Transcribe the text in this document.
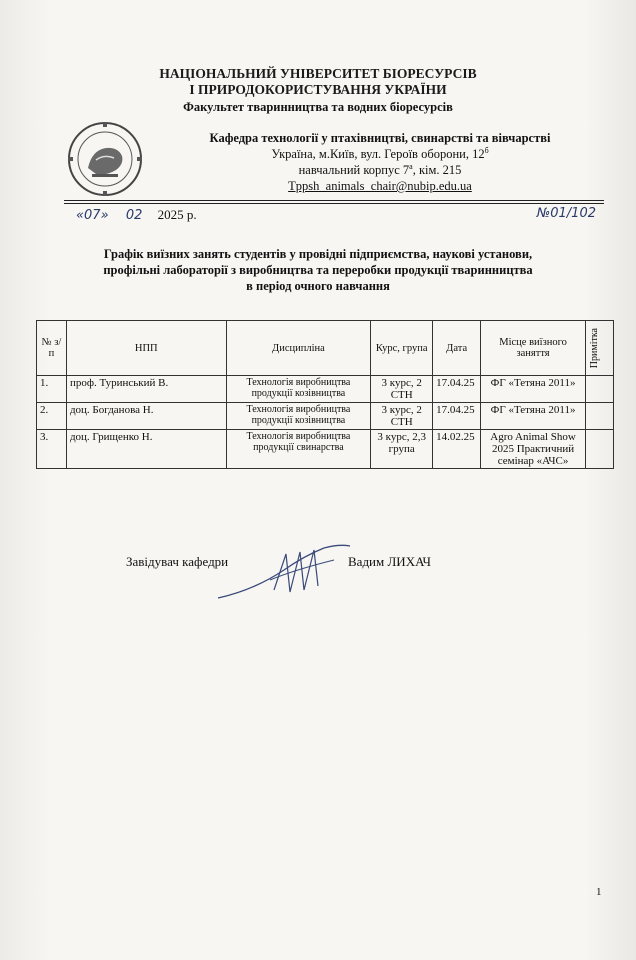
НАЦІОНАЛЬНИЙ УНІВЕРСИТЕТ БІОРЕСУРСІВ
І ПРИРОДОКОРИСТУВАННЯ УКРАЇНИ
Факультет тваринництва та водних біоресурсів
Кафедра технології у птахівництві, свинарстві та вівчарстві
Україна, м.Київ, вул. Героїв оборони, $12^б$
навчальний корпус $7^а$, кім. 215
Tppsh_animals_chair@nubip.edu.ua
«07» 02 2025 р.	№01/102
Графік виїзних занять студентів у провідні підприємства, наукові установи,
профільні лабораторії з виробництва та переробки продукції тваринництва
в період очного навчання
№ з/п	НПП	Дисципліна	Курс, група	Дата	Місце виїзного заняття	Примітка

1.	проф. Туринський В.	Технологія виробництва продукції козівництва	3 курс, 2 СТН	17.04.25	ФГ «Тетяна 2011»	
2.	доц. Богданова Н.	Технологія виробництва продукції козівництва	3 курс, 2 СТН	17.04.25	ФГ «Тетяна 2011»	
3.	доц. Грищенко Н.	Технологія виробництва продукції свинарства	3 курс, 2,3 група	14.02.25	Agro Animal Show 2025 Практичний семінар «АЧС»	
Завідувач кафедри	Вадим ЛИХАЧ
1
